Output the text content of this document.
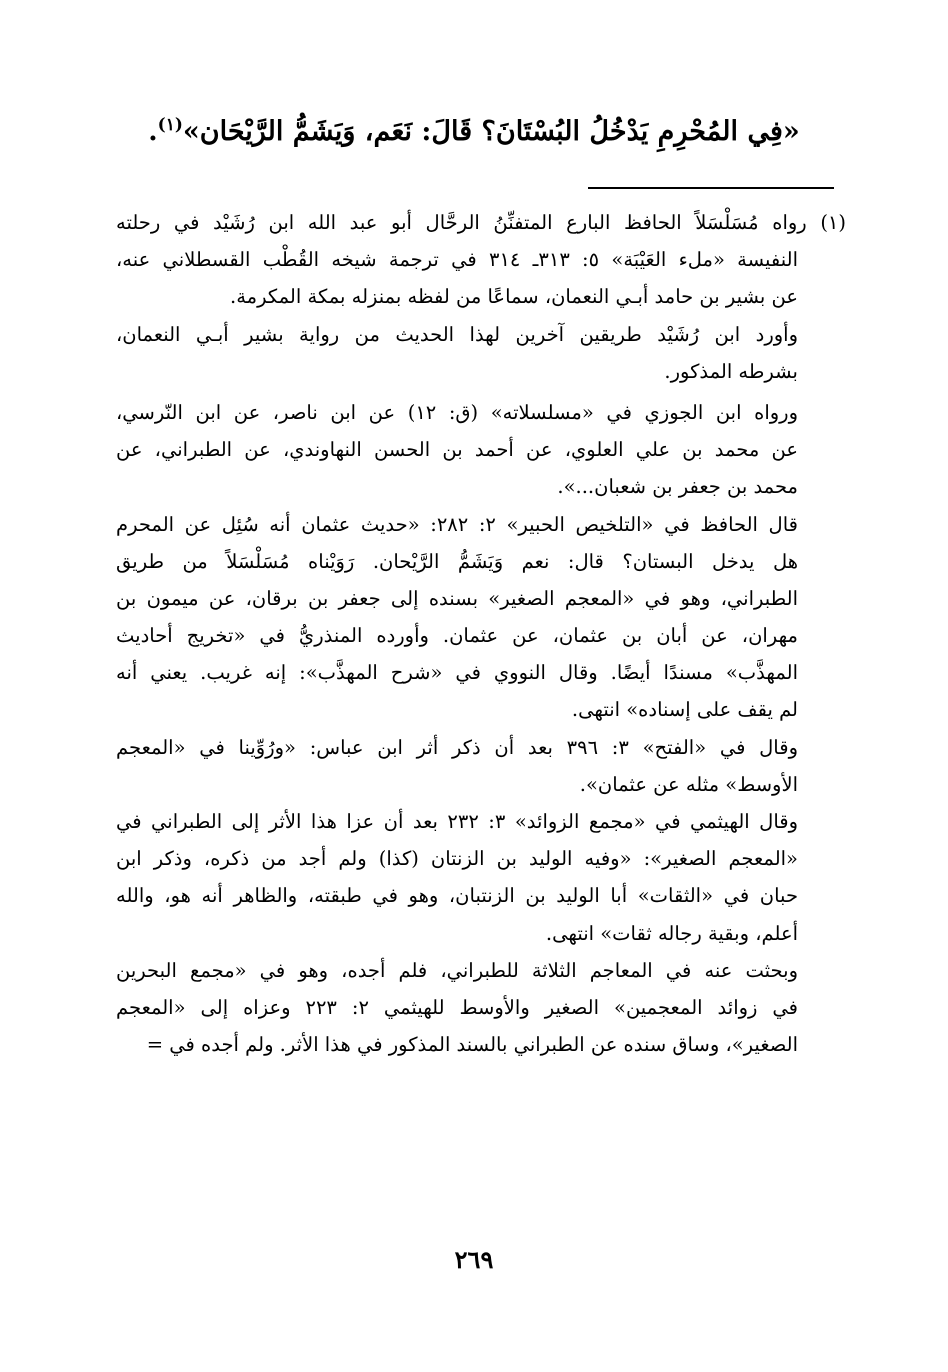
«فِي المُحْرِمِ يَدْخُلُ البُسْتَانَ؟ قَالَ: نَعَم، وَيَشَمُّ الرَّيْحَان»$^{(١)}$.
(١) رواه مُسَلْسَلاً الحافظ البارع المتفنِّنُ الرحَّال أبو عبد الله ابن رُشَيْد في رحلته
النفيسة «ملء العَيْبَة» ٥: ٣١٣ـ ٣١٤ في ترجمة شيخه القُطْب القسطلاني عنه،
عن بشير بن حامد أبـي النعمان، سماعًا من لفظه بمنزله بمكة المكرمة.
وأورد ابن رُشَيْد طريقين آخرين لهذا الحديث من رواية بشير أبـي النعمان،
بشرطه المذكور.
ورواه ابن الجوزي في «مسلسلاته» (ق: ١٢) عن ابن ناصر، عن ابن النّرسي،
عن محمد بن علي العلوي، عن أحمد بن الحسن النهاوندي، عن الطبراني، عن
محمد بن جعفر بن شعبان...».
قال الحافظ في «التلخيص الحبير» ٢: ٢٨٢: «حديث عثمان أنه سُئِل عن المحرم
هل يدخل البستان؟ قال: نعم وَيَشَمُّ الرَّيْحان. رَوَيْناه مُسَلْسَلاً من طريق
الطبراني، وهو في «المعجم الصغير» بسنده إلى جعفر بن برقان، عن ميمون بن
مهران، عن أبان بن عثمان، عن عثمان. وأورده المنذريُّ في «تخريج أحاديث
المهذَّب» مسندًا أيضًا. وقال النووي في «شرح المهذَّب»: إنه غريب. يعني أنه
لم يقف على إسناده» انتهى.
وقال في «الفتح» ٣: ٣٩٦ بعد أن ذكر أثر ابن عباس: «ورُوِّينا في «المعجم
الأوسط» مثله عن عثمان».
وقال الهيثمي في «مجمع الزوائد» ٣: ٢٣٢ بعد أن عزا هذا الأثر إلى الطبراني في
«المعجم الصغير»: «وفيه الوليد بن الزنتان (كذا) ولم أجد من ذكره، وذكر ابن
حبان في «الثقات» أبا الوليد بن الزنتبان، وهو في طبقته، والظاهر أنه هو، والله
أعلم، وبقية رجاله ثقات» انتهى.
وبحثت عنه في المعاجم الثلاثة للطبراني، فلم أجده، وهو في «مجمع البحرين
في زوائد المعجمين» الصغير والأوسط للهيثمي ٢: ٢٢٣ وعزاه إلى «المعجم
الصغير»، وساق سنده عن الطبراني بالسند المذكور في هذا الأثر. ولم أجده في =
٢٦٩
